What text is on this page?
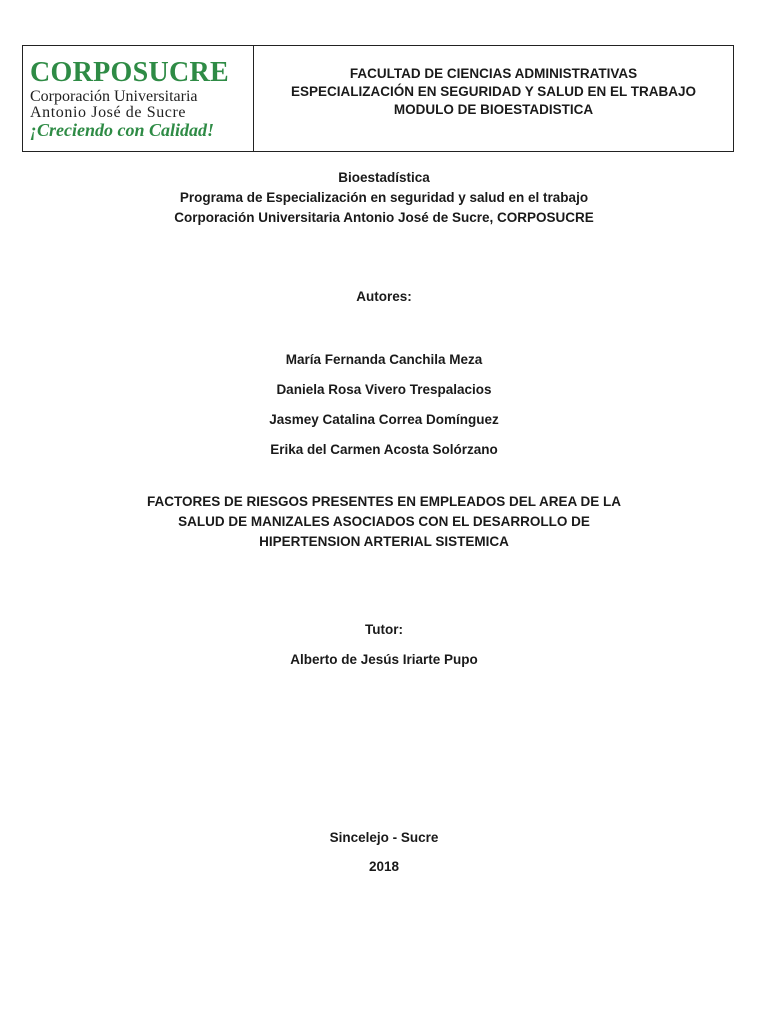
CORPOSUCRE
Corporación Universitaria
Antonio José de Sucre
¡Creciendo con Calidad!
FACULTAD DE CIENCIAS ADMINISTRATIVAS
ESPECIALIZACIÓN EN SEGURIDAD Y SALUD EN EL TRABAJO
MODULO DE BIOESTADISTICA
Bioestadística
Programa de Especialización en seguridad y salud en el trabajo
Corporación Universitaria Antonio José de Sucre, CORPOSUCRE
Autores:
María Fernanda Canchila Meza
Daniela Rosa Vivero Trespalacios
Jasmey Catalina Correa Domínguez
Erika del Carmen Acosta Solórzano
FACTORES DE RIESGOS PRESENTES EN EMPLEADOS DEL AREA DE LA
SALUD DE MANIZALES ASOCIADOS CON EL DESARROLLO DE
HIPERTENSION ARTERIAL SISTEMICA
Tutor:
Alberto de Jesús Iriarte Pupo
Sincelejo - Sucre
2018
